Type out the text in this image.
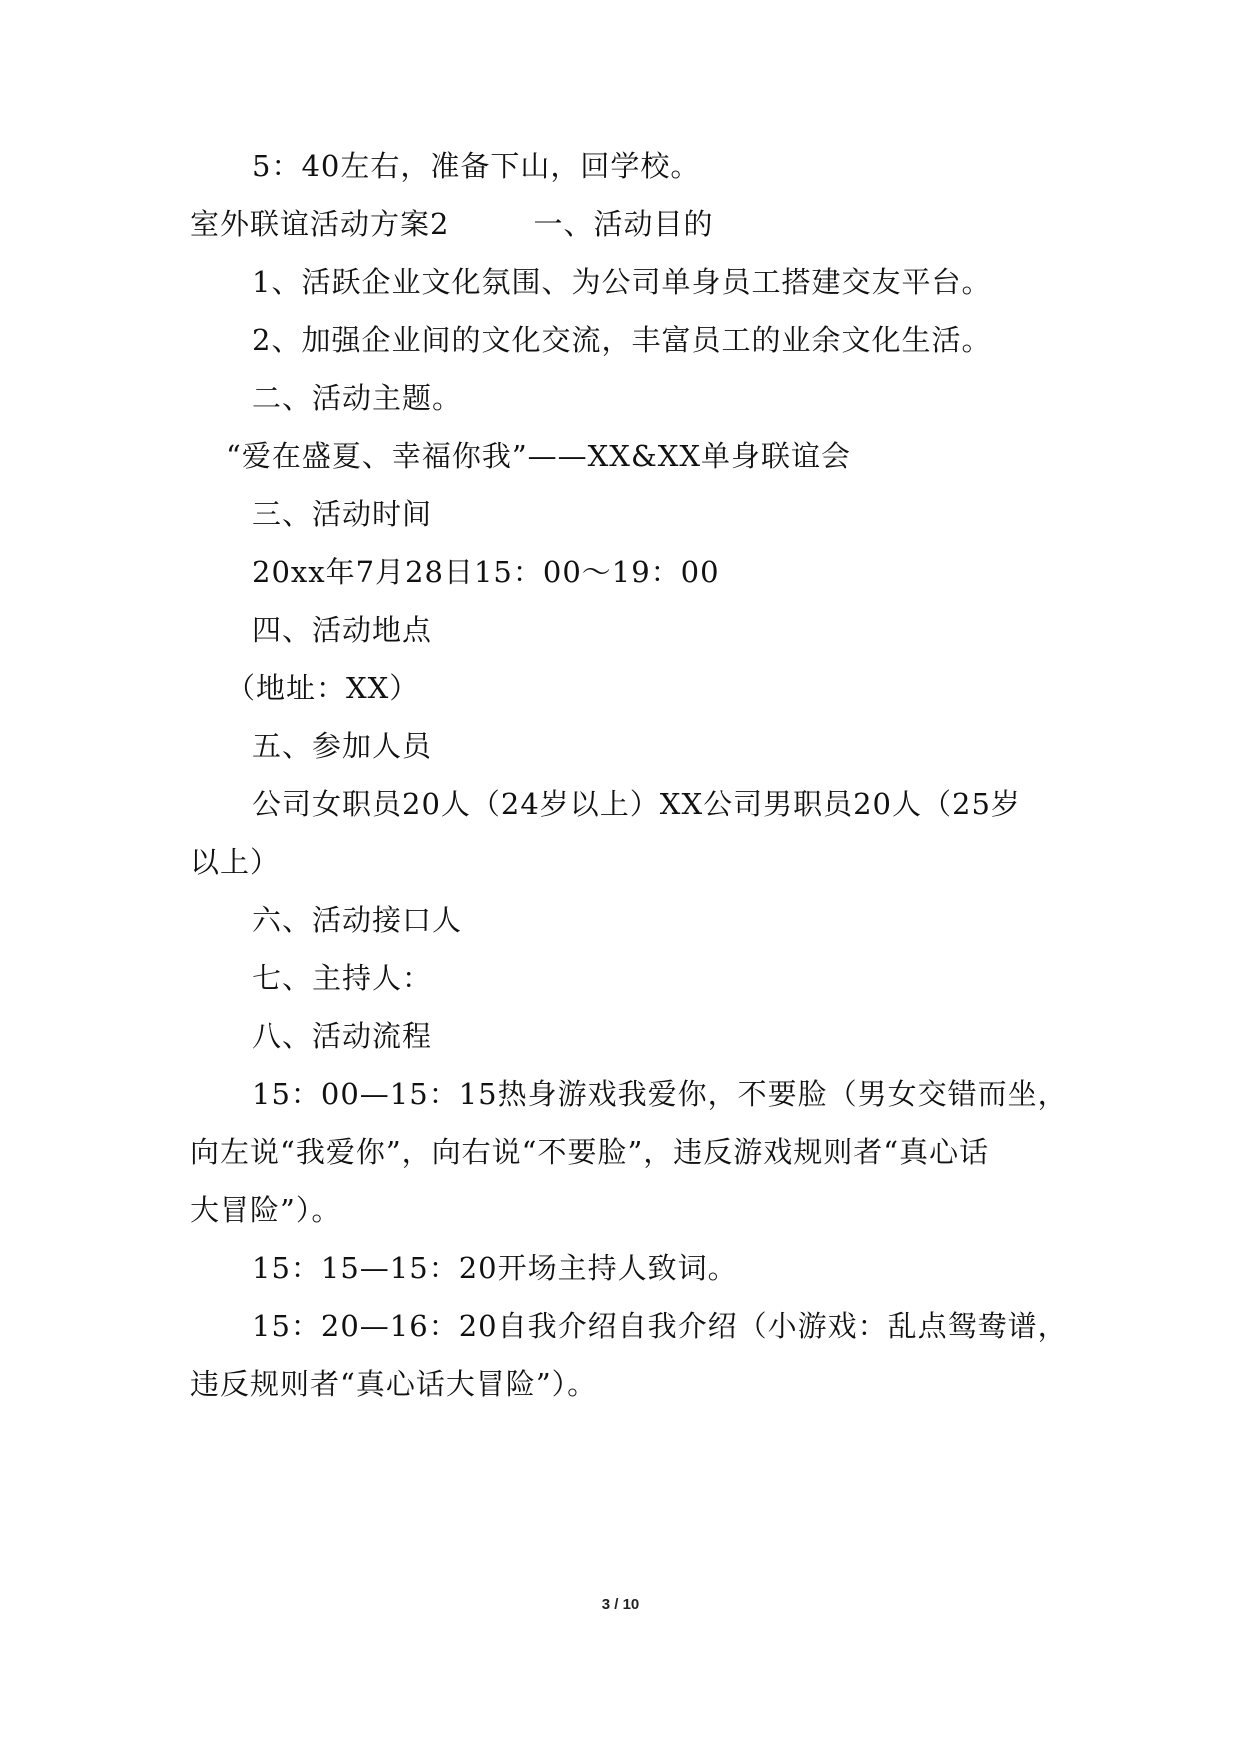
5：40左右，准备下山，回学校。
室外联谊活动方案2	一、活动目的
1、活跃企业文化氛围、为公司单身员工搭建交友平台。
2、加强企业间的文化交流，丰富员工的业余文化生活。
二、活动主题。
“爱在盛夏、幸福你我”——XX&XX单身联谊会
三、活动时间
20xx年7月28日15：00～19：00
四、活动地点
（地址：XX）
五、参加人员
公司女职员20人（24岁以上）XX公司男职员20人（25岁
以上）
六、活动接口人
七、主持人：
八、活动流程
15：00—15：15热身游戏我爱你，不要脸（男女交错而坐，
向左说“我爱你”，向右说“不要脸”，违反游戏规则者“真心话
大冒险”）。
15：15—15：20开场主持人致词。
15：20—16：20自我介绍自我介绍（小游戏：乱点鸳鸯谱，
违反规则者“真心话大冒险”）。
3 / 10
